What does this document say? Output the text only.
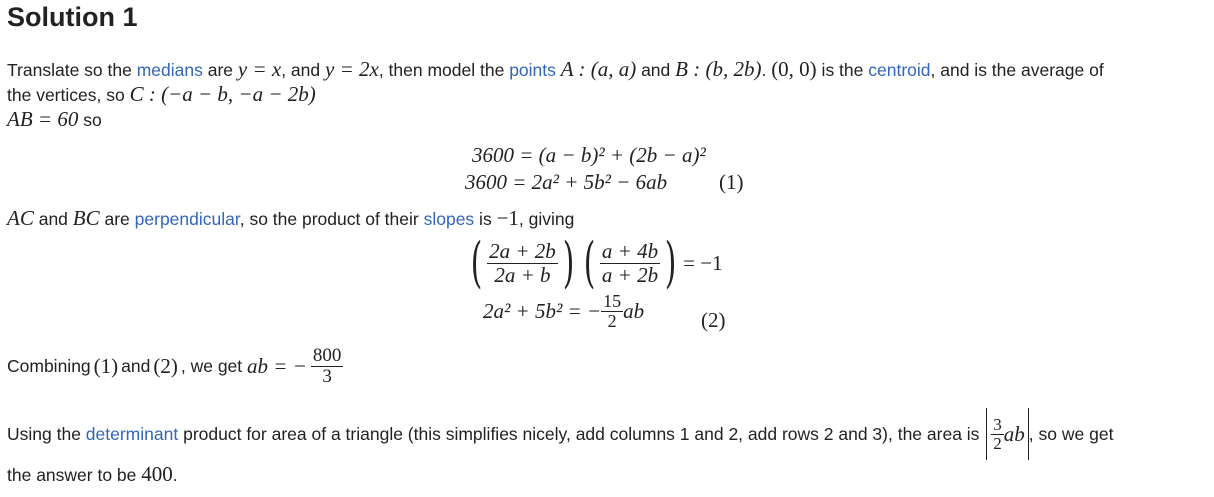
Solution 1
Translate so the medians are y = x, and y = 2x, then model the points A : (a, a) and B : (b, 2b). (0, 0) is the centroid, and is the average of
the vertices, so C : (−a − b, −a − 2b)
AB = 60 so
3600 = (a − b)² + (2b − a)²
3600 = 2a² + 5b² − 6ab (1)
AC and BC are perpendicular, so the product of their slopes is −1, giving
( $\frac{2a + 2b}{2a + b}$ ) ( $\frac{a + 4b}{a + 2b}$ ) = −1
2a² + 5b² = − $\frac{15}{2}$ ab	(2)
Combining (1) and (2) , we get ab = − $\frac{800}{3}$
Using the determinant product for area of a triangle (this simplifies nicely, add columns 1 and 2, add rows 2 and 3), the area is $\frac{3}{2}$ ab , so we get
the answer to be 400.
